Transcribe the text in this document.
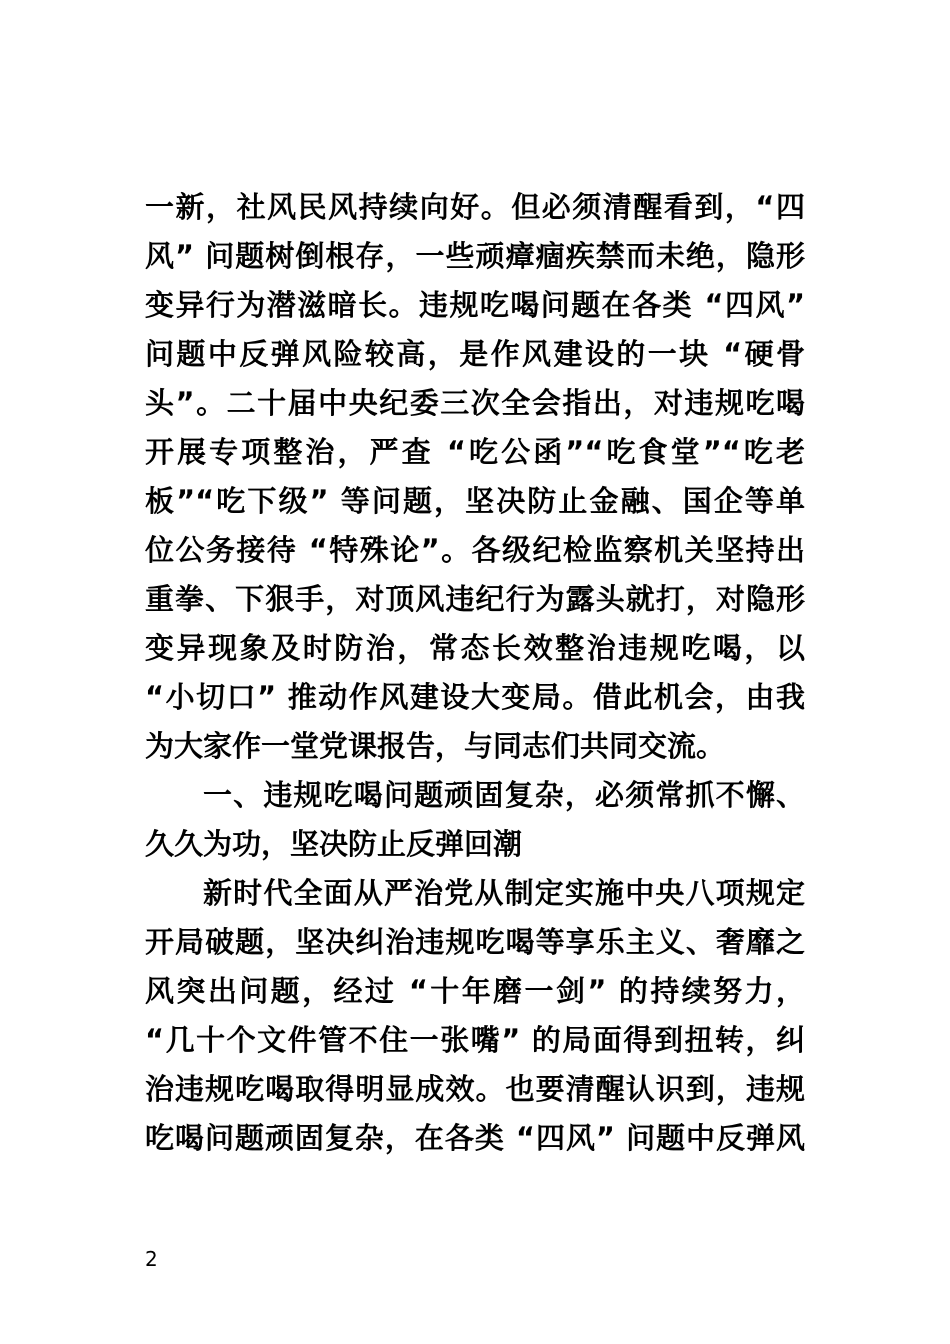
一新，社风民风持续向好。但必须清醒看到，“四
风” 问题树倒根存，一些顽瘴痼疾禁而未绝，隐形
变异行为潜滋暗长。违规吃喝问题在各类 “四风”
问题中反弹风险较高，是作风建设的一块 “硬骨
头”。二十届中央纪委三次全会指出，对违规吃喝
开展专项整治，严查 “吃公函”“吃食堂”“吃老
板”“吃下级” 等问题，坚决防止金融、国企等单
位公务接待 “特殊论”。各级纪检监察机关坚持出
重拳、下狠手，对顶风违纪行为露头就打，对隐形
变异现象及时防治，常态长效整治违规吃喝，以
“小切口” 推动作风建设大变局。借此机会，由我
为大家作一堂党课报告，与同志们共同交流。
一、违规吃喝问题顽固复杂，必须常抓不懈、
久久为功，坚决防止反弹回潮
新时代全面从严治党从制定实施中央八项规定
开局破题，坚决纠治违规吃喝等享乐主义、奢靡之
风突出问题，经过 “十年磨一剑” 的持续努力，
“几十个文件管不住一张嘴” 的局面得到扭转，纠
治违规吃喝取得明显成效。也要清醒认识到，违规
吃喝问题顽固复杂，在各类 “四风” 问题中反弹风
2
